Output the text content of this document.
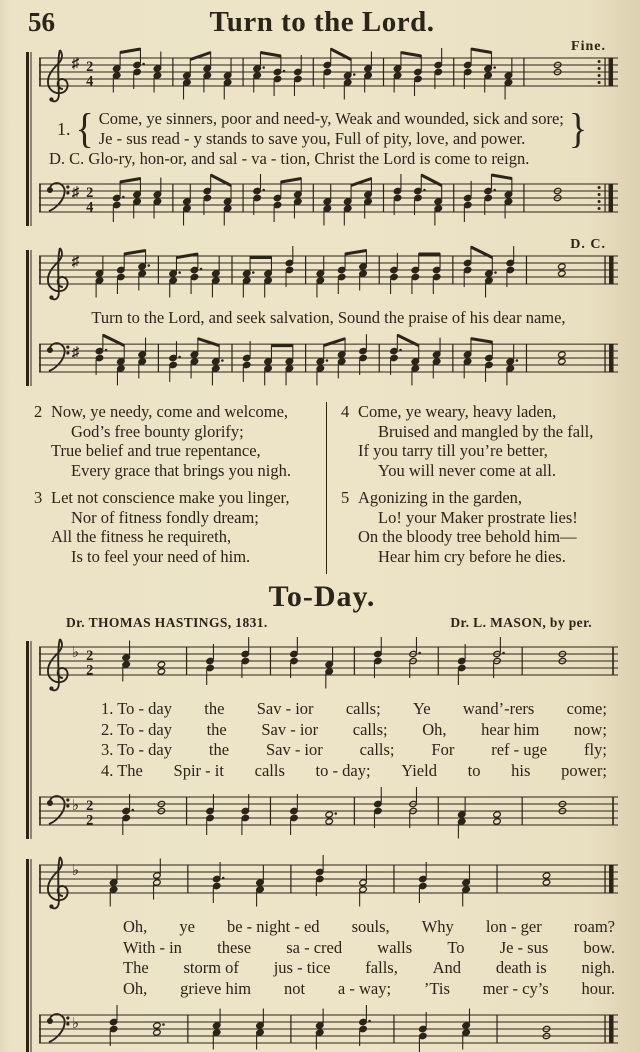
56	Turn to the Lord.
Fine.
♯ 2
4
1. { Come, ye sinners, poor and need-y, Weak and wounded, sick and sore;
Je - sus read - y stands to save you, Full of pity, love, and power.	}
D. C. Glo-ry, hon-or, and sal - va - tion, Christ the Lord is come to reign.
♯ 2
4
D. C.
♯
Turn to the Lord, and seek salvation, Sound the praise of his dear name,
♯
2 Now, ye needy, come and welcome,
God’s free bounty glorify;
True belief and true repentance,
Every grace that brings you nigh.
3 Let not conscience make you linger,
Nor of fitness fondly dream;
All the fitness he requireth,
Is to feel your need of him.
4 Come, ye weary, heavy laden,
Bruised and mangled by the fall,
If you tarry till you’re better,
You will never come at all.
5 Agonizing in the garden,
Lo! your Maker prostrate lies!
On the bloody tree behold him—
Hear him cry before he dies.
To-Day.
Dr. THOMAS HASTINGS, 1831.	Dr. L. MASON, by per.
♭ 2
2
1. To - day the Sav - ior calls; Ye wand’-rers come;
2. To - day the Sav - ior calls; Oh, hear him now;
3. To - day the Sav - ior calls; For ref - uge fly;
4. The Spir - it calls to - day; Yield to his power;
♭ 2
2
♭
Oh, ye be - night - ed souls, Why lon - ger roam?
With - in these sa - cred walls To Je - sus bow.
The storm of jus - tice falls, And death is nigh.
Oh, grieve him not a - way; ’Tis mer - cy’s hour.
♭
